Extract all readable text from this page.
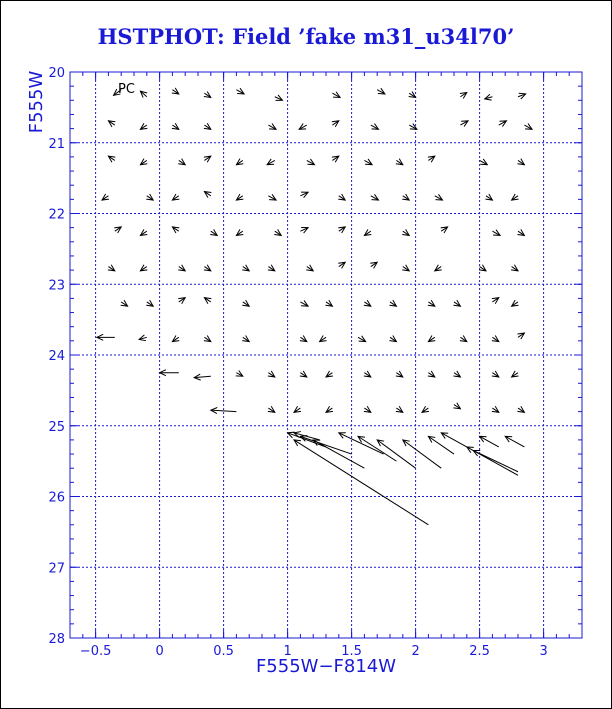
HSTPHOT: Field ’fake m31_u34l70’
−0.5	0	0.5	1	1.5	2	2.5	3
20
21
22
23
24
25
26
27
28
PC
F555W−F814W
F555W
